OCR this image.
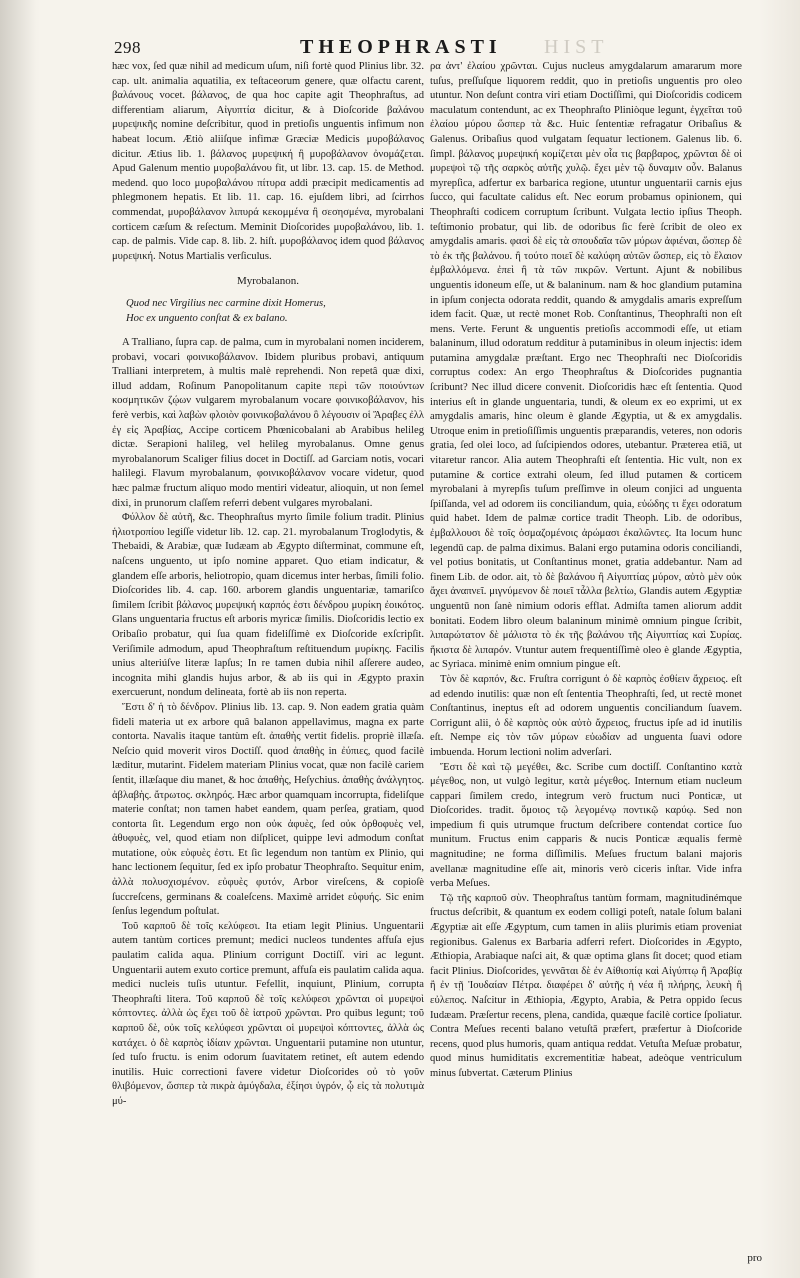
298	THEOPHRASTI HIST

hæc vox, ſed quæ nihil ad medicum uſum, niſi fortè quod Plinius libr. 32. cap. ult. animalia aquatilia, ex teſtaceorum genere, quæ olfactu carent, βαλάνους vocet. βάλανος, de qua hoc capite agit Theophraſtus, ad differentiam aliarum, Αἰγυπτία dicitur, & à Dioſcoride βαλάνου μυρεψικῆς nomine deſcribitur, quod in pretioſis unguentis infimum non habeat locum. Ætiò aliiſque infimæ Græciæ Medicis μυροβάλανος dicitur. Ætius lib. 1. βάλανος μυρεψική ἢ μυροβάλανον ὀνομάζεται. Apud Galenum mentio μυροβαλάνου fit, ut libr. 13. cap. 15. de Method. medend. quo loco μυροβαλάνου πίτυρα addi præcipit medicamentis ad phlegmonem hepatis. Et lib. 11. cap. 16. ejuſdem libri, ad ſcirrhos commendat, μυροβάλανον λιπυρά κεκομμένα ἢ σεσησμένα, myrobalani corticem cæſum & reſectum. Meminit Dioſcorides μυροβαλάνου, lib. 1. cap. de palmis. Vide cap. 8. lib. 2. hiſt. μυροβάλανος idem quod βάλανος μυρεψική. Notus Martialis verſiculus.

Myrobalanon.
Quod nec Virgilius nec carmine dixit Homerus,
Hoc ex unguento conſtat & ex balano.

A Tralliano, ſupra cap. de palma, cum in myrobalani nomen inciderem, probavi, vocari φοινικοβάλανον. Ibidem pluribus probavi, antiquum Tralliani interpretem, à multis malè reprehendi. Non repetâ quæ dixi, illud addam, Roſinum Panopolitanum capite περὶ τῶν ποιούντων κοσμητικῶν ζῴων vulgarem myrobalanum vocare φοινικοβάλανον, his ferè verbis, καὶ λαβὼν φλοιὸν φοινικοβαλάνου ὃ λέγουσιν οἱ Ἄραβες ἐλλ ἐγ εἰς Ἀραβίας, Accipe corticem Phœnicobalani ab Arabibus helileg dictæ. Serapioni halileg, vel helileg myrobalanus. Omne genus myrobalanorum Scaliger filius docet in Doctiſſ. ad Garciam notis, vocari halilegi. Flavum myrobalanum, φοινικοβάλανον vocare videtur, quod hæc palmæ fructum aliquo modo mentiri videatur, alioquin, ut non ſemel dixi, in prunorum claſſem referri debent vulgares myrobalani.

Φύλλον δὲ αὐτῆ, &c. Theophraſtus myrto ſimile folium tradit. Plinius ἡλιοτροπίου legiſſe videtur lib. 12. cap. 21. myrobalanum Troglodytis, & Thebaidi, & Arabiæ, quæ Iudæam ab Ægypto diſterminat, commune eſt, naſcens unguento, ut ipſo nomine apparet. Quo etiam indicatur, & glandem eſſe arboris, heliotropio, quam dicemus inter herbas, ſimili folio. Dioſcorides lib. 4. cap. 160. arborem glandis unguentariæ, tamariſco ſimilem ſcribit βάλανος μυρεψική καρπός ἐστι δένδρου μυρίκη ἐοικότος. Glans unguentaria fructus eſt arboris myricæ ſimilis. Dioſcoridis lectio ex Oribaſio probatur, qui ſua quam fideliſſimè ex Dioſcoride exſcripſit. Veriſimile admodum, apud Theophraſtum reſtituendum μυρίκης. Facilis unius alteriúſve literæ lapſus; In re tamen dubia nihil aſſerere audeo, incognita mihi glandis hujus arbor, & ab iis qui in Ægypto praxin exercuerunt, nondum delineata, fortè ab iis non reperta.

Ἔστι δ' ἡ τὸ δένδρον. Plinius lib. 13. cap. 9. Non eadem gratia quàm fideli materia ut ex arbore quâ balanon appellavimus, magna ex parte contorta. Navalis itaque tantùm eſt. ἀπαθὴς vertit fidelis. propriè illæſa. Neſcio quid moverit viros Doctiſſ. quod ἀπαθὴς in ἐύπιες, quod facilè læditur, mutarint. Fidelem materiam Plinius vocat, quæ non facilè cariem ſentit, illæſaque diu manet, & hoc ἀπαθὴς, Heſychius. ἀπαθὴς ἀνάλγητος. ἀβλαβὴς. ἄτρωτος. σκληρός. Hæc arbor quamquam incorrupta, fideliſque materie conſtat; non tamen habet eandem, quam perſea, gratiam, quod contorta ſit. Legendum ergo non οὐκ ἀφυὲς, ſed οὐκ ὀρθοφυὲς vel, ἀθυφυὲς, vel, quod etiam non diſplicet, quippe levi admodum conſtat mutatione, οὐκ εὐφυὲς ἐστι. Et ſic legendum non tantùm ex Plinio, qui hanc lectionem ſequitur, ſed ex ipſo probatur Theophraſto. Sequitur enim, ἀλλὰ πολυσχισμένον. εὐφυὲς φυτόν, Arbor vireſcens, & copioſè ſuccreſcens, germinans & coaleſcens. Maximè arridet εὐφυής. Sic enim ſenſus legendum poſtulat.

Τοῦ καρποῦ δὲ τοῖς κελύφεσι. Ita etiam legit Plinius. Unguentarii autem tantùm cortices premunt; medici nucleos tundentes affuſa ejus paulatim calida aqua. Plinium corrigunt Doctiſſ. viri ac legunt. Unguentarii autem exuto cortice premunt, affuſa eis paulatim calida aqua. medici nucleis tuſis utuntur. Fefellit, inquiunt, Plinium, corrupta Theophraſti litera. Τοῦ καρποῦ δὲ τοῖς κελύφεσι χρῶνται οἱ μυρεψοὶ κόπτοντες. ἀλλὰ ὡς ἔχει τοῦ δὲ ἰατροῦ χρῶνται. Pro quibus legunt; τοῦ καρποῦ δὲ, οὐκ τοῖς κελύφεσι χρῶνται οἱ μυρεψοὶ κόπτοντες, ἀλλὰ ὡς κατάχει. ὁ δὲ καρπὸς ἰδίαιν χρῶνται. Unguentarii putamine non utuntur, ſed tuſo fructu. is enim odorum ſuavitatem retinet, eſt autem edendo inutilis. Huic correctioni favere videtur Dioſcorides οὐ τὸ γοῦν θλιβόμενον, ὥσπερ τὰ πικρὰ ἀμύγδαλα, ἐξίησι ὑγρόν, ᾧ εἰς τὰ πολυτιμὰ μύ-

ρα ἀντ' ἐλαίου χρῶνται. Cujus nucleus amygdalarum amararum more tuſus, preſſuſque liquorem reddit, quo in pretioſis unguentis pro oleo utuntur. Non deſunt contra viri etiam Doctiſſimi, qui Dioſcoridis codicem maculatum contendunt, ac ex Theophraſto Pliniòque legunt, ἐγχεῖται τοῦ ἐλαίου μύρου ὥσπερ τὰ &c. Huic ſententiæ refragatur Oribaſius & Galenus. Oribaſius quod vulgatam ſequatur lectionem. Galenus lib. 6. ſimpl. βάλανος μυρεψική κομίζεται μὲν οἷα τις βαρβαρος, χρῶνται δὲ οἱ μυρεψοὶ τῷ τῆς σαρκὸς αὐτῆς χυλῷ. ἔχει μὲν τῷ δυναμιν οὖν. Balanus myrepſica, adfertur ex barbarica regione, utuntur unguentarii carnis ejus ſucco, qui facultate calidus eſt. Nec eorum probamus opinionem, qui Theophraſti codicem corruptum ſcribunt. Vulgata lectio ipſius Theoph. teſtimonio probatur, qui lib. de odoribus ſic ferè ſcribit de oleo ex amygdalis amaris. φασὶ δὲ εἰς τὰ σπουδαῖα τῶν μύρων ἀφιέναι, ὥσπερ δὲ τὸ ἐκ τῆς βαλάνου. ἢ τούτο ποιεῖ δὲ καλύφη αὐτῶν ὥσπερ, εἰς τὸ ἔλαιον ἐμβαλλόμενα. ἐπεὶ ἢ τὰ τῶν πικρῶν. Vertunt. Ajunt & nobilibus unguentis idoneum eſſe, ut & balaninum. nam & hoc glandium putamina in ipſum conjecta odorata reddit, quando & amygdalis amaris expreſſum idem facit. Quæ, ut rectè monet Rob. Conſtantinus, Theophraſti non eſt mens. Verte. Ferunt & unguentis pretioſis accommodi eſſe, ut etiam balaninum, illud odoratum redditur à putaminibus in oleum injectis: idem putamina amygdalæ præſtant. Ergo nec Theophraſti nec Dioſcoridis corruptus codex: An ergo Theophraſtus & Dioſcorides pugnantia ſcribunt? Nec illud dicere convenit. Dioſcoridis hæc eſt ſententia. Quod interius eſt in glande unguentaria, tundi, & oleum ex eo exprimi, ut ex amygdalis amaris, hinc oleum è glande Ægyptia, ut & ex amygdalis. Utroque enim in pretioſiſſimis unguentis præparandis, veteres, non odoris gratia, ſed olei loco, ad ſuſcipiendos odores, utebantur. Præterea etiā, ut vitaretur rancor. Alia autem Theophraſti eſt ſententia. Hic vult, non ex putamine & cortice extrahi oleum, ſed illud putamen & corticem myrobalani à myrepſis tuſum preſſimve in oleum conjici ad unguenta ſpiſſanda, vel ad odorem iis conciliandum, quia, εὐώδης τι ἔχει odoratum quid habet. Idem de palmæ cortice tradit Theoph. Lib. de odoribus, ἐμβαλλουσι δὲ τοῖς ὀσμαζομένοις ἀρώμασι ἐκαλῶντες. Ita locum hunc legendū cap. de palma diximus. Balani ergo putamina odoris conciliandi, vel potius bonitatis, ut Conſtantinus monet, gratia addebantur. Nam ad finem Lib. de odor. ait, τὸ δὲ βαλάνου ἢ Αἰγυπτίας μύρον, αὐτὸ μὲν οὐκ ἄχει ἀναπνεῖ. μιγνύμενον δὲ ποιεῖ τἆλλα βελτίω, Glandis autem Ægyptiæ unguentū non ſanè nimium odoris efflat. Admiſta tamen aliorum addit bonitati. Eodem libro oleum balaninum minimè omnium pingue ſcribit, λιπαρώτατον δὲ μάλιστα τὸ ἐκ τῆς βαλάνου τῆς Αἰγυπτίας καὶ Συρίας. ἥκιστα δὲ λιπαρόν. Vtuntur autem frequentiſſimè oleo è glande Ægyptia, ac Syriaca. minimè enim omnium pingue eſt.

Τὸν δὲ καρπόν, &c. Fruſtra corrigunt ὁ δὲ καρπὸς ἐσθίειν ἄχρειος. eſt ad edendo inutilis: quæ non eſt ſententia Theophraſti, ſed, ut rectè monet Conſtantinus, ineptus eſt ad odorem unguentis conciliandum ſuavem. Corrigunt alii, ὁ δὲ καρπὸς οὐκ αὐτὸ ἄχρειος, fructus ipſe ad id inutilis eſt. Nempe εἰς τὸν τῶν μύρων εὐωδίαν ad unguenta ſuavi odore imbuenda. Horum lectioni nolim adverſari.

Ἔστι δὲ καὶ τῷ μεγέθει, &c. Scribe cum doctiſſ. Conſtantino κατὰ μέγεθος, non, ut vulgò legitur, κατὰ μέγεθος. Internum etiam nucleum cappari ſimilem credo, integrum verò fructum nuci Ponticæ, ut Dioſcorides. tradit. ὅμοιος τῷ λεγομένῳ ποντικῷ καρύῳ. Sed non impedium fi quis utrumque fructum deſcribere contendat cortice ſuo munitum. Fructus enim capparis & nucis Ponticæ æqualis fermè magnitudine; ne forma diſſimilis. Meſues fructum balani majoris avellanæ magnitudine eſſe ait, minoris verò ciceris inſtar. Vide infra verba Meſues.

Τῷ τῆς καρποῦ σὺν. Theophraſtus tantùm formam, magnitudinémque fructus deſcribit, & quantum ex eodem colligi poteſt, natale ſolum balani Ægyptiæ ait eſſe Ægyptum, cum tamen in aliis plurimis etiam proveniat regionibus. Galenus ex Barbaria adferri refert. Dioſcorides in Ægypto, Æthiopia, Arabiaque naſci ait, & quæ optima glans ſit docet; quod etiam facit Plinius. Dioſcorides, γεννᾶται δὲ ἐν Αἰθιοπίᾳ καὶ Αἰγύπτῳ ἢ Ἀραβίᾳ ἢ ἐν τῇ Ἰουδαίαν Πέτρα. διαφέρει δ' αὐτῆς ἡ νέα ἢ πλήρης, λευκὴ ἢ εὐλεπος. Naſcitur in Æthiopia, Ægypto, Arabia, & Petra oppido ſecus Iudæam. Præſertur recens, plena, candida, quæque facilè cortice ſpoliatur. Contra Meſues recenti balano vetuſtā præfert, præfertur à Dioſcoride recens, quod plus humoris, quam antiqua reddat. Vetuſta Meſuæ probatur, quod minus humiditatis excrementitiæ habeat, adeòque ventriculum minus ſubvertat. Cæterum Plinius

pro
